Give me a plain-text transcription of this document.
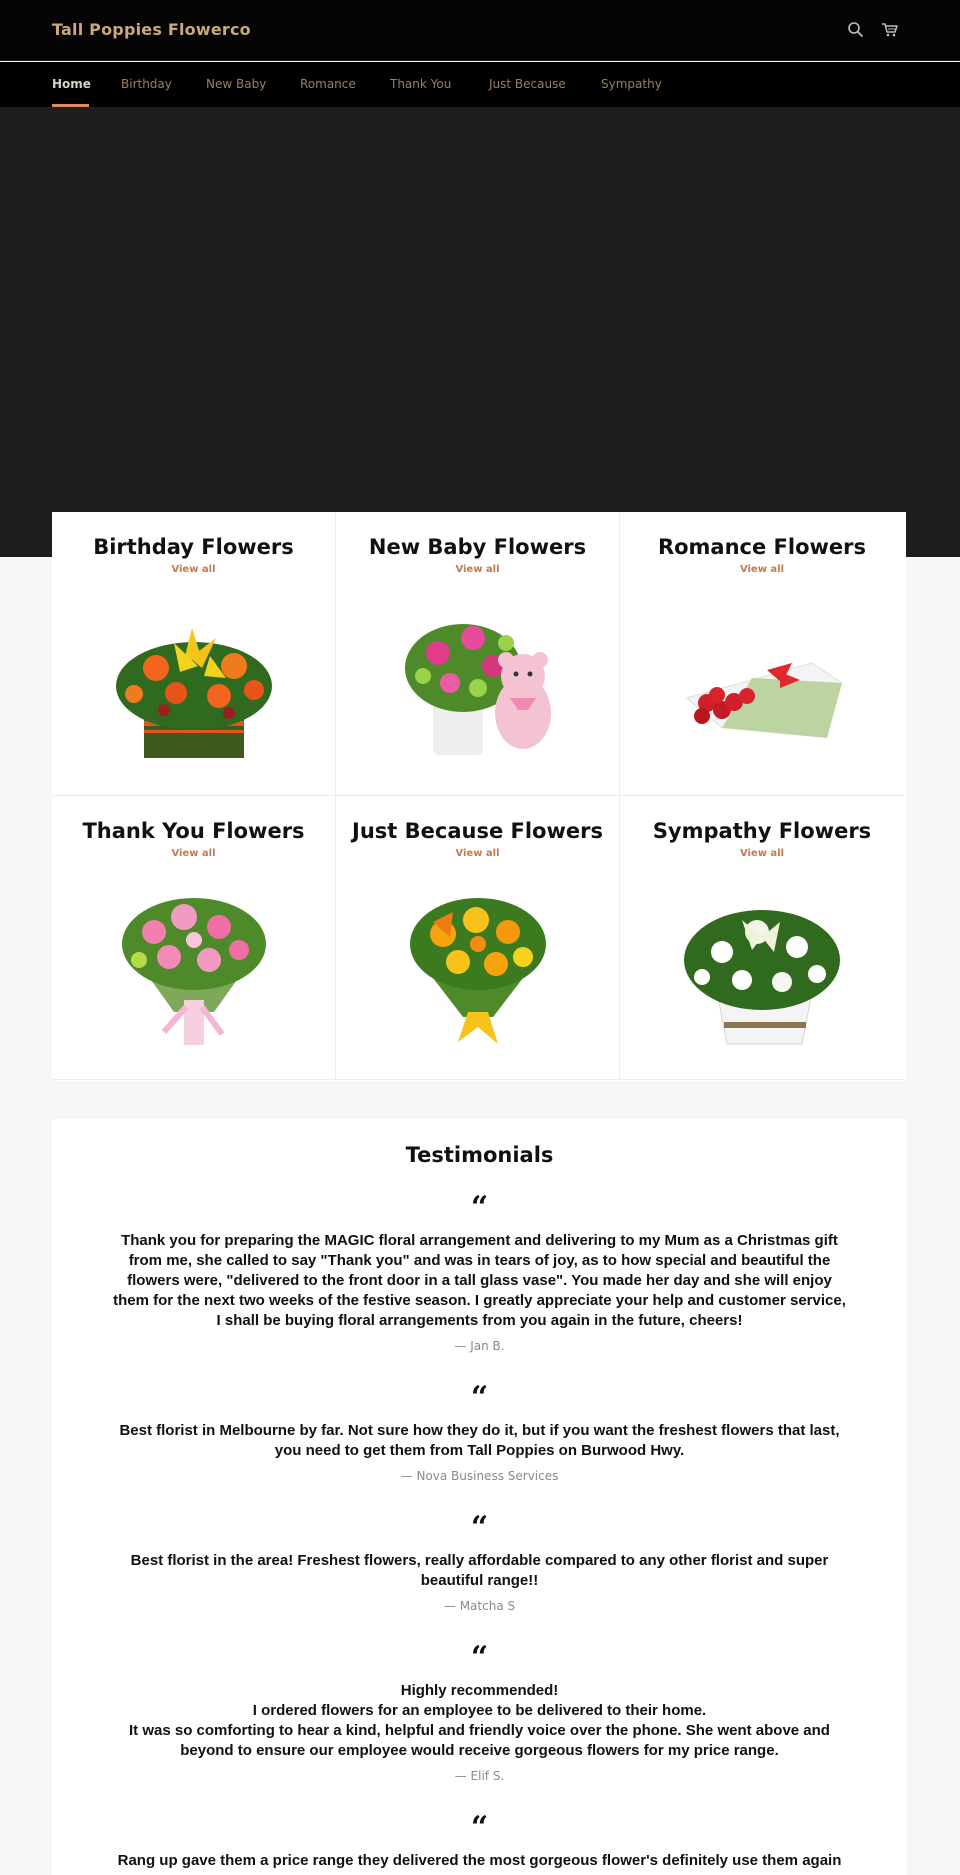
Tall Poppies Flowerco
Home	Birthday	New Baby	Romance	Thank You	Just Because	Sympathy
Birthday Flowers
View all
New Baby Flowers
View all
Romance Flowers
View all
Thank You Flowers
View all
Just Because Flowers
View all
Sympathy Flowers
View all
Testimonials
“
Thank you for preparing the MAGIC floral arrangement and delivering to my Mum as a Christmas gift from me, she called to say "Thank you" and was in tears of joy, as to how special and beautiful the flowers were, "delivered to the front door in a tall glass vase". You made her day and she will enjoy them for the next two weeks of the festive season. I greatly appreciate your help and customer service, I shall be buying floral arrangements from you again in the future, cheers!
— Jan B.
“
Best florist in Melbourne by far. Not sure how they do it, but if you want the freshest flowers that last, you need to get them from Tall Poppies on Burwood Hwy.
— Nova Business Services
“
Best florist in the area! Freshest flowers, really affordable compared to any other florist and super beautiful range!!
— Matcha S
“
Highly recommended!
I ordered flowers for an employee to be delivered to their home.
It was so comforting to hear a kind, helpful and friendly voice over the phone. She went above and beyond to ensure our employee would receive gorgeous flowers for my price range.
— Elif S.
“
Rang up gave them a price range they delivered the most gorgeous flower's definitely use them again
